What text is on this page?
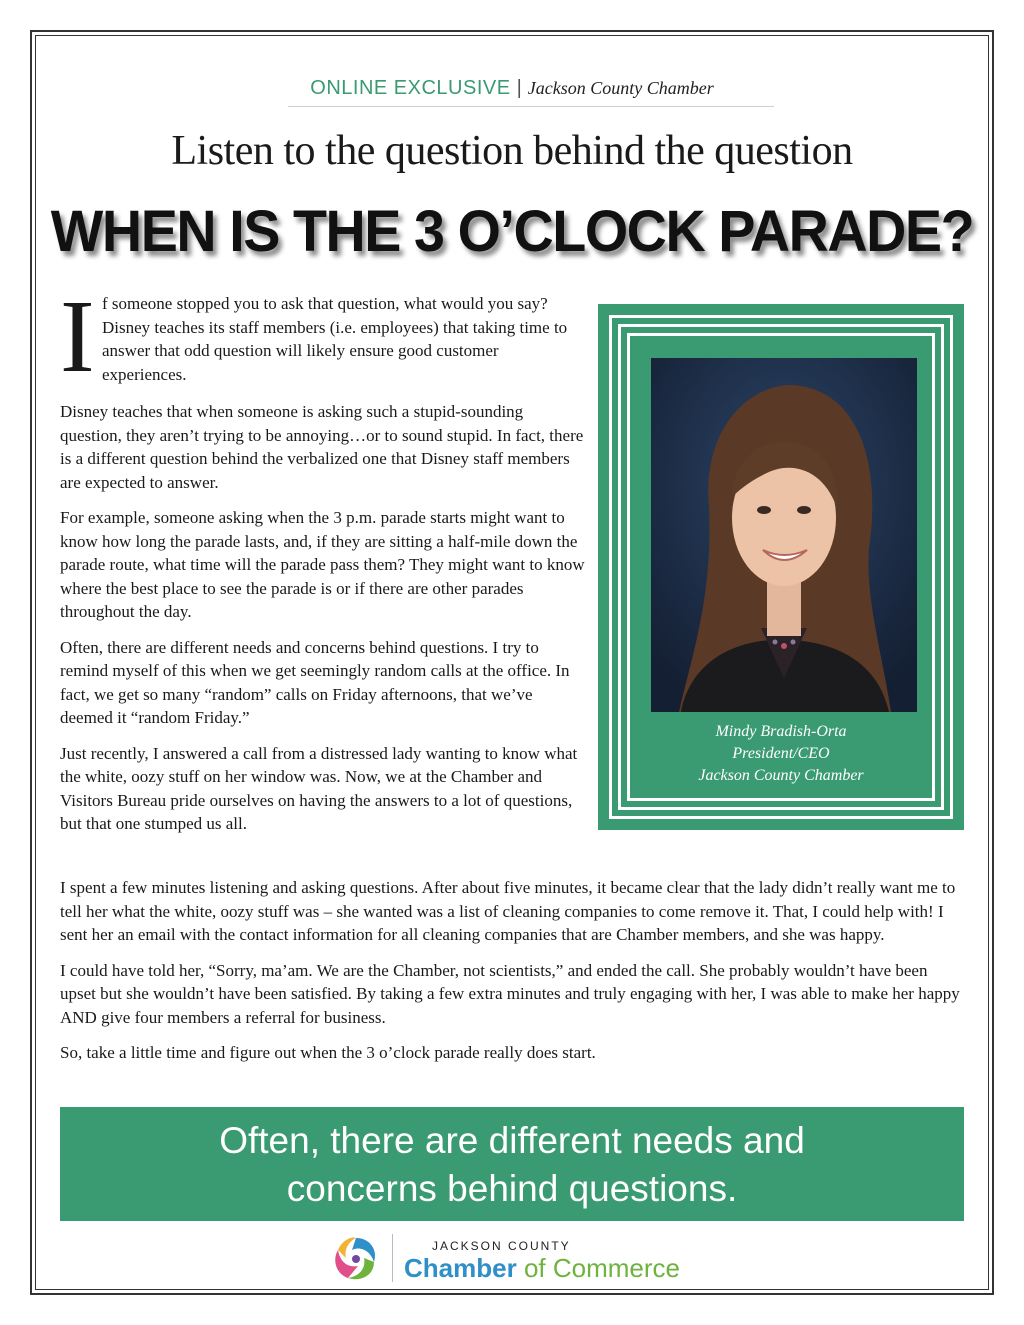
ONLINE EXCLUSIVE | Jackson County Chamber
Listen to the question behind the question
WHEN IS THE 3 O’CLOCK PARADE?

I f someone stopped you to ask that question, what would you say? Disney teaches its staff members (i.e. employees) that taking time to answer that odd question will likely ensure good customer experiences.

Disney teaches that when someone is asking such a stupid-sounding question, they aren’t trying to be annoying…or to sound stupid. In fact, there is a different question behind the verbalized one that Disney staff members are expected to answer.

For example, someone asking when the 3 p.m. parade starts might want to know how long the parade lasts, and, if they are sitting a half-mile down the parade route, what time will the parade pass them? They might want to know where the best place to see the parade is or if there are other parades throughout the day.

Often, there are different needs and concerns behind questions. I try to remind myself of this when we get seemingly random calls at the office. In fact, we get so many “random” calls on Friday afternoons, that we’ve deemed it “random Friday.”

Just recently, I answered a call from a distressed lady wanting to know what the white, oozy stuff on her window was. Now, we at the Chamber and Visitors Bureau pride ourselves on having the answers to a lot of questions, but that one stumped us all.

Mindy Bradish-Orta
President/CEO
Jackson County Chamber

I spent a few minutes listening and asking questions. After about five minutes, it became clear that the lady didn’t really want me to tell her what the white, oozy stuff was – she wanted was a list of cleaning companies to come remove it. That, I could help with! I sent her an email with the contact information for all cleaning companies that are Chamber members, and she was happy.

I could have told her, “Sorry, ma’am. We are the Chamber, not scientists,” and ended the call. She probably wouldn’t have been upset but she wouldn’t have been satisfied. By taking a few extra minutes and truly engaging with her, I was able to make her happy AND give four members a referral for business.

So, take a little time and figure out when the 3 o’clock parade really does start.

Often, there are different needs and
concerns behind questions.
JACKSON COUNTY
Chamber of Commerce
